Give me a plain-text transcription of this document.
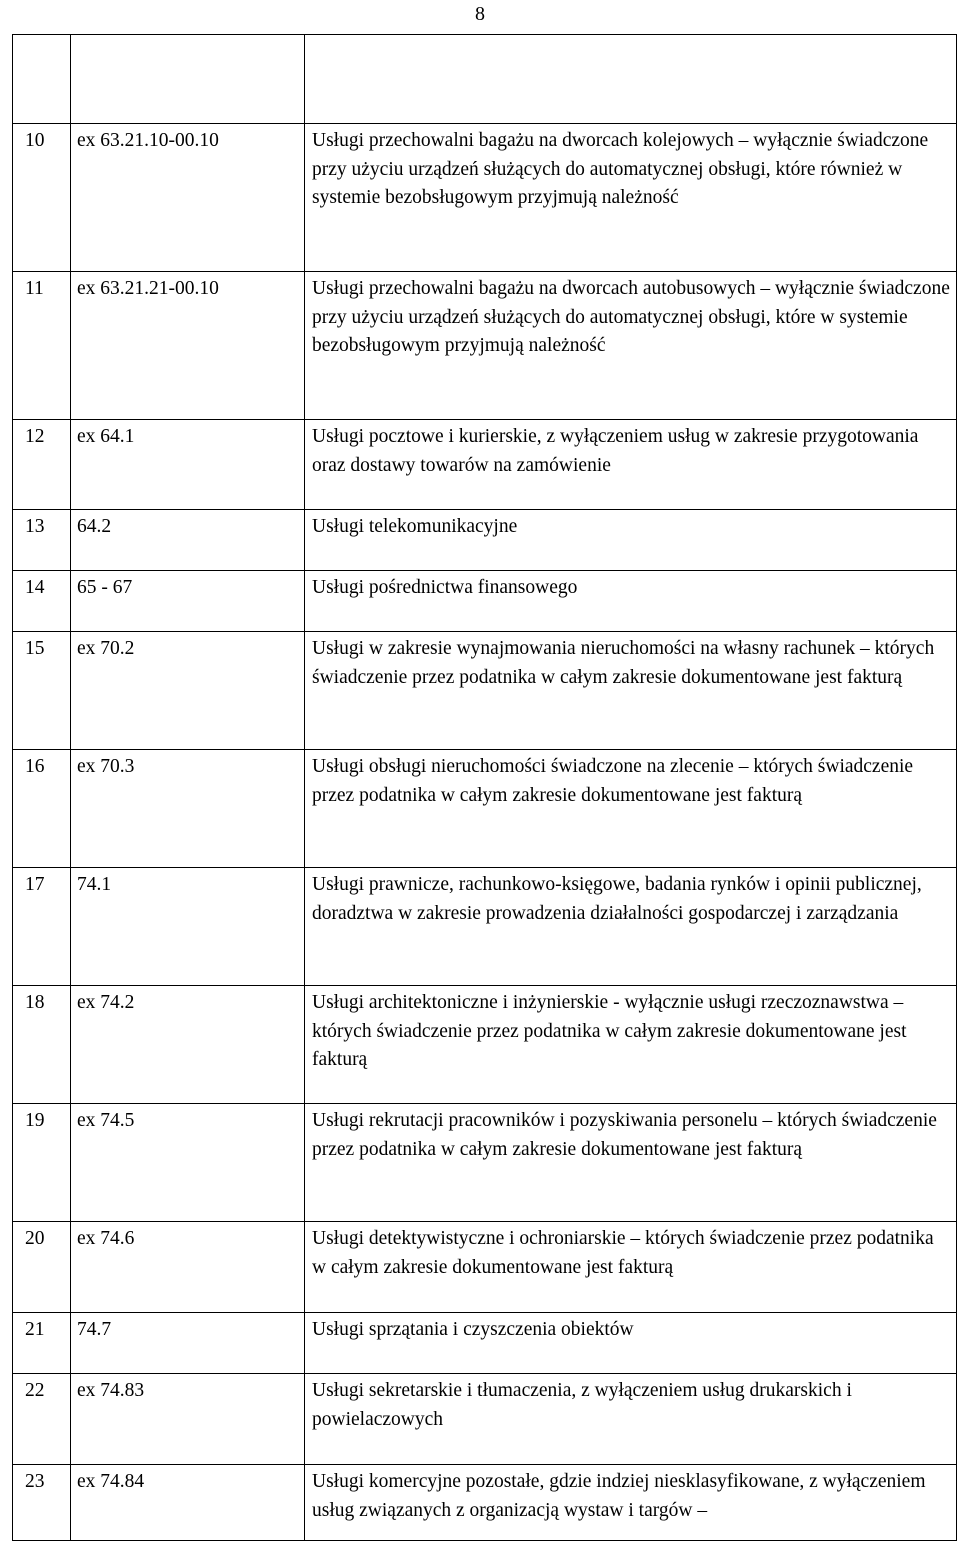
8

10	ex 63.21.10-00.10	Usługi przechowalni bagażu na dworcach kolejowych – wyłącznie świadczone przy użyciu urządzeń służących do automatycznej obsługi, które również w systemie bezobsługowym przyjmują należność
11	ex 63.21.21-00.10	Usługi przechowalni bagażu na dworcach autobusowych – wyłącznie świadczone przy użyciu urządzeń służących do automatycznej obsługi, które w systemie bezobsługowym przyjmują należność
12	ex 64.1	Usługi pocztowe i kurierskie, z wyłączeniem usług w zakresie przygotowania oraz dostawy towarów na zamówienie
13	64.2	Usługi telekomunikacyjne
14	65 - 67	Usługi pośrednictwa finansowego
15	ex 70.2	Usługi w zakresie wynajmowania nieruchomości na własny rachunek – których świadczenie przez podatnika w całym zakresie dokumentowane jest fakturą
16	ex 70.3	Usługi obsługi nieruchomości świadczone na zlecenie – których świadczenie przez podatnika w całym zakresie dokumentowane jest fakturą
17	74.1	Usługi prawnicze, rachunkowo-księgowe, badania rynków i opinii publicznej, doradztwa w zakresie prowadzenia działalności gospodarczej i zarządzania
18	ex 74.2	Usługi architektoniczne i inżynierskie - wyłącznie usługi rzeczoznawstwa – których świadczenie przez podatnika w całym zakresie dokumentowane jest fakturą
19	ex 74.5	Usługi rekrutacji pracowników i pozyskiwania personelu – których świadczenie przez podatnika w całym zakresie dokumentowane jest fakturą
20	ex 74.6	Usługi detektywistyczne i ochroniarskie – których świadczenie przez podatnika w całym zakresie dokumentowane jest fakturą
21	74.7	Usługi sprzątania i czyszczenia obiektów
22	ex 74.83	Usługi sekretarskie i tłumaczenia, z wyłączeniem usług drukarskich i powielaczowych
23	ex 74.84	Usługi komercyjne pozostałe, gdzie indziej niesklasyfikowane, z wyłączeniem usług związanych z organizacją wystaw i targów –
